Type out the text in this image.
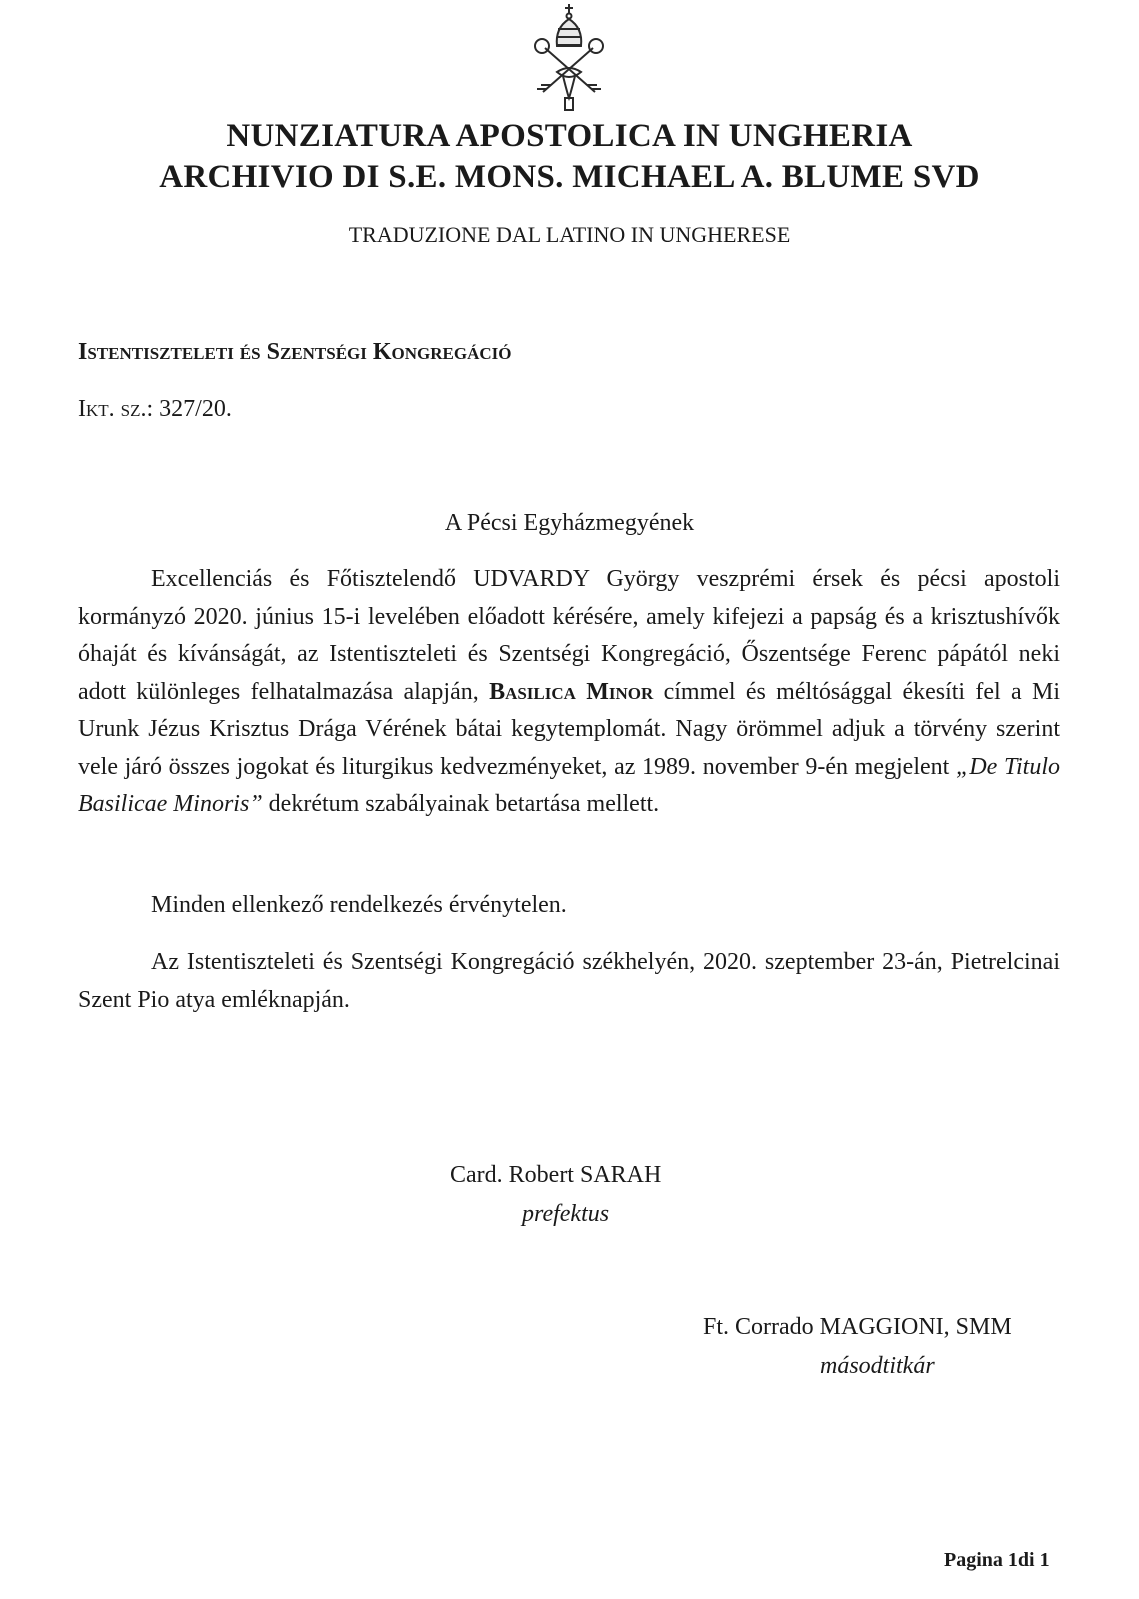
NUNZIATURA APOSTOLICA IN UNGHERIA
ARCHIVIO DI S.E. MONS. MICHAEL A. BLUME SVD
TRADUZIONE DAL LATINO IN UNGHERESE
Istentiszteleti és Szentségi Kongregáció
Ikt. sz.: 327/20.
A Pécsi Egyházmegyének

Excellenciás és Főtisztelendő UDVARDY György veszprémi érsek és pécsi apostoli kormányzó 2020. június 15-i levelében előadott kérésére, amely kifejezi a papság és a krisztushívők óhaját és kívánságát, az Istentiszteleti és Szentségi Kongregáció, Őszentsége Ferenc pápától neki adott különleges felhatalmazása alapján, Basilica Minor címmel és méltósággal ékesíti fel a Mi Urunk Jézus Krisztus Drága Vérének bátai kegytemplomát. Nagy örömmel adjuk a törvény szerint vele járó összes jogokat és liturgikus kedvezményeket, az 1989. november 9-én megjelent „De Titulo Basilicae Minoris” dekrétum szabályainak betartása mellett.

Minden ellenkező rendelkezés érvénytelen.

Az Istentiszteleti és Szentségi Kongregáció székhelyén, 2020. szeptember 23-án, Pietrelcinai Szent Pio atya emléknapján.

Card. Robert SARAH
prefektus
Ft. Corrado MAGGIONI, SMM
másodtitkár
Pagina 1di 1
